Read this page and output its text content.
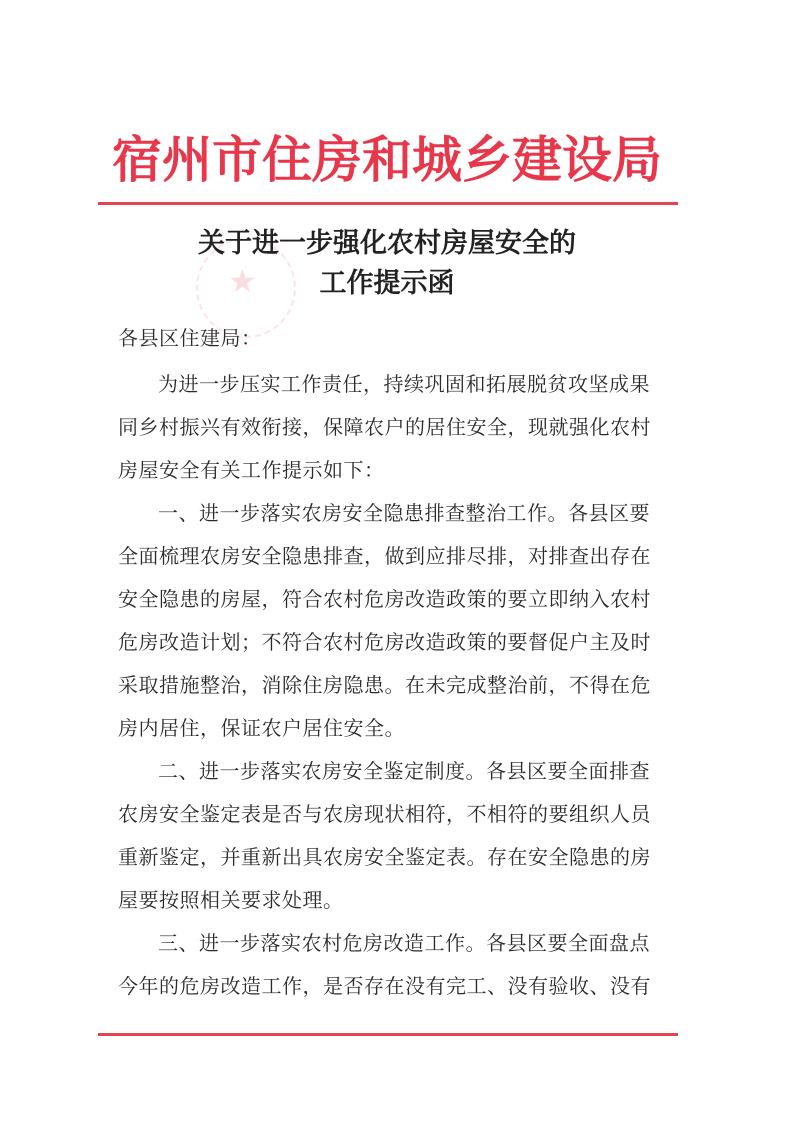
宿州市住房和城乡建设局
★
关于进一步强化农村房屋安全的
工作提示函
各县区住建局：
为进一步压实工作责任，持续巩固和拓展脱贫攻坚成果
同乡村振兴有效衔接，保障农户的居住安全，现就强化农村
房屋安全有关工作提示如下：
一、进一步落实农房安全隐患排查整治工作。各县区要
全面梳理农房安全隐患排查，做到应排尽排，对排查出存在
安全隐患的房屋，符合农村危房改造政策的要立即纳入农村
危房改造计划；不符合农村危房改造政策的要督促户主及时
采取措施整治，消除住房隐患。在未完成整治前，不得在危
房内居住，保证农户居住安全。
二、进一步落实农房安全鉴定制度。各县区要全面排查
农房安全鉴定表是否与农房现状相符，不相符的要组织人员
重新鉴定，并重新出具农房安全鉴定表。存在安全隐患的房
屋要按照相关要求处理。
三、进一步落实农村危房改造工作。各县区要全面盘点
今年的危房改造工作，是否存在没有完工、没有验收、没有
